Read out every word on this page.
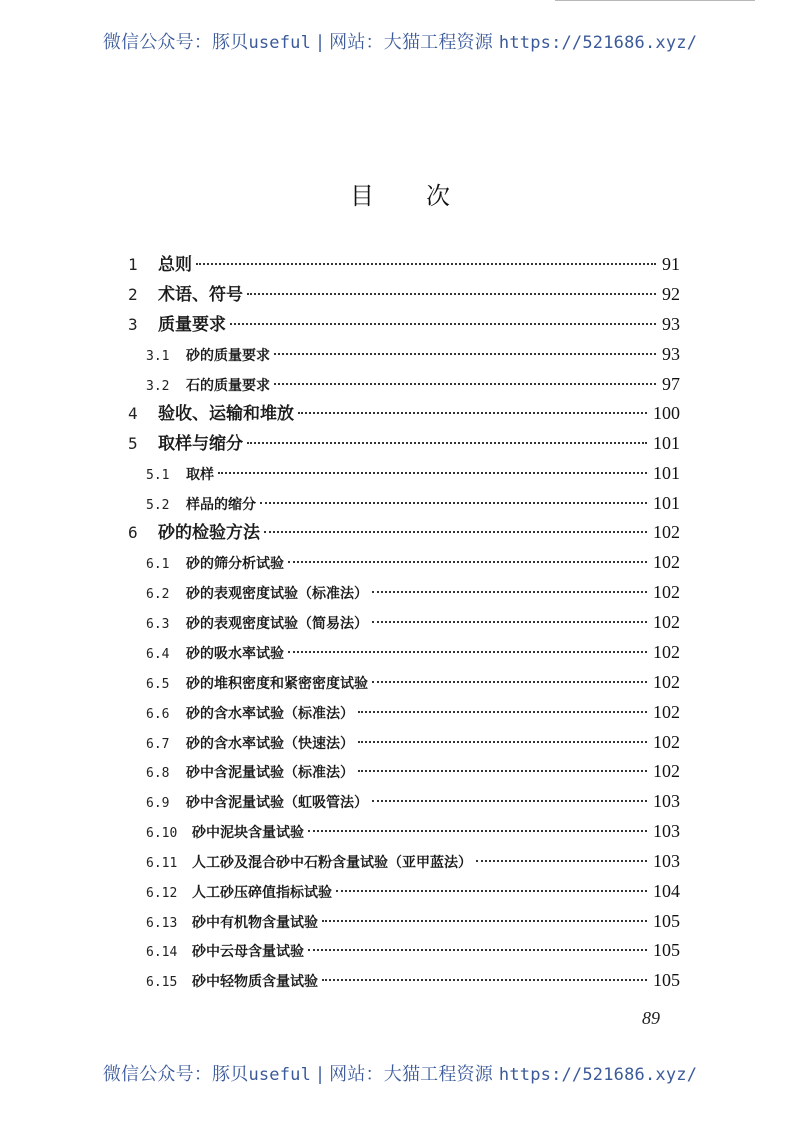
微信公众号：豚贝useful | 网站：大猫工程资源 https://521686.xyz/
目次
1	总则	91
2	术语、符号	92
3	质量要求	93
3.1	砂的质量要求	93
3.2	石的质量要求	97
4	验收、运输和堆放	100
5	取样与缩分	101
5.1	取样	101
5.2	样品的缩分	101
6	砂的检验方法	102
6.1	砂的筛分析试验	102
6.2	砂的表观密度试验（标准法）	102
6.3	砂的表观密度试验（简易法）	102
6.4	砂的吸水率试验	102
6.5	砂的堆积密度和紧密密度试验	102
6.6	砂的含水率试验（标准法）	102
6.7	砂的含水率试验（快速法）	102
6.8	砂中含泥量试验（标准法）	102
6.9	砂中含泥量试验（虹吸管法）	103
6.10	砂中泥块含量试验	103
6.11	人工砂及混合砂中石粉含量试验（亚甲蓝法）	103
6.12	人工砂压碎值指标试验	104
6.13	砂中有机物含量试验	105
6.14	砂中云母含量试验	105
6.15	砂中轻物质含量试验	105
89
微信公众号：豚贝useful | 网站：大猫工程资源 https://521686.xyz/
